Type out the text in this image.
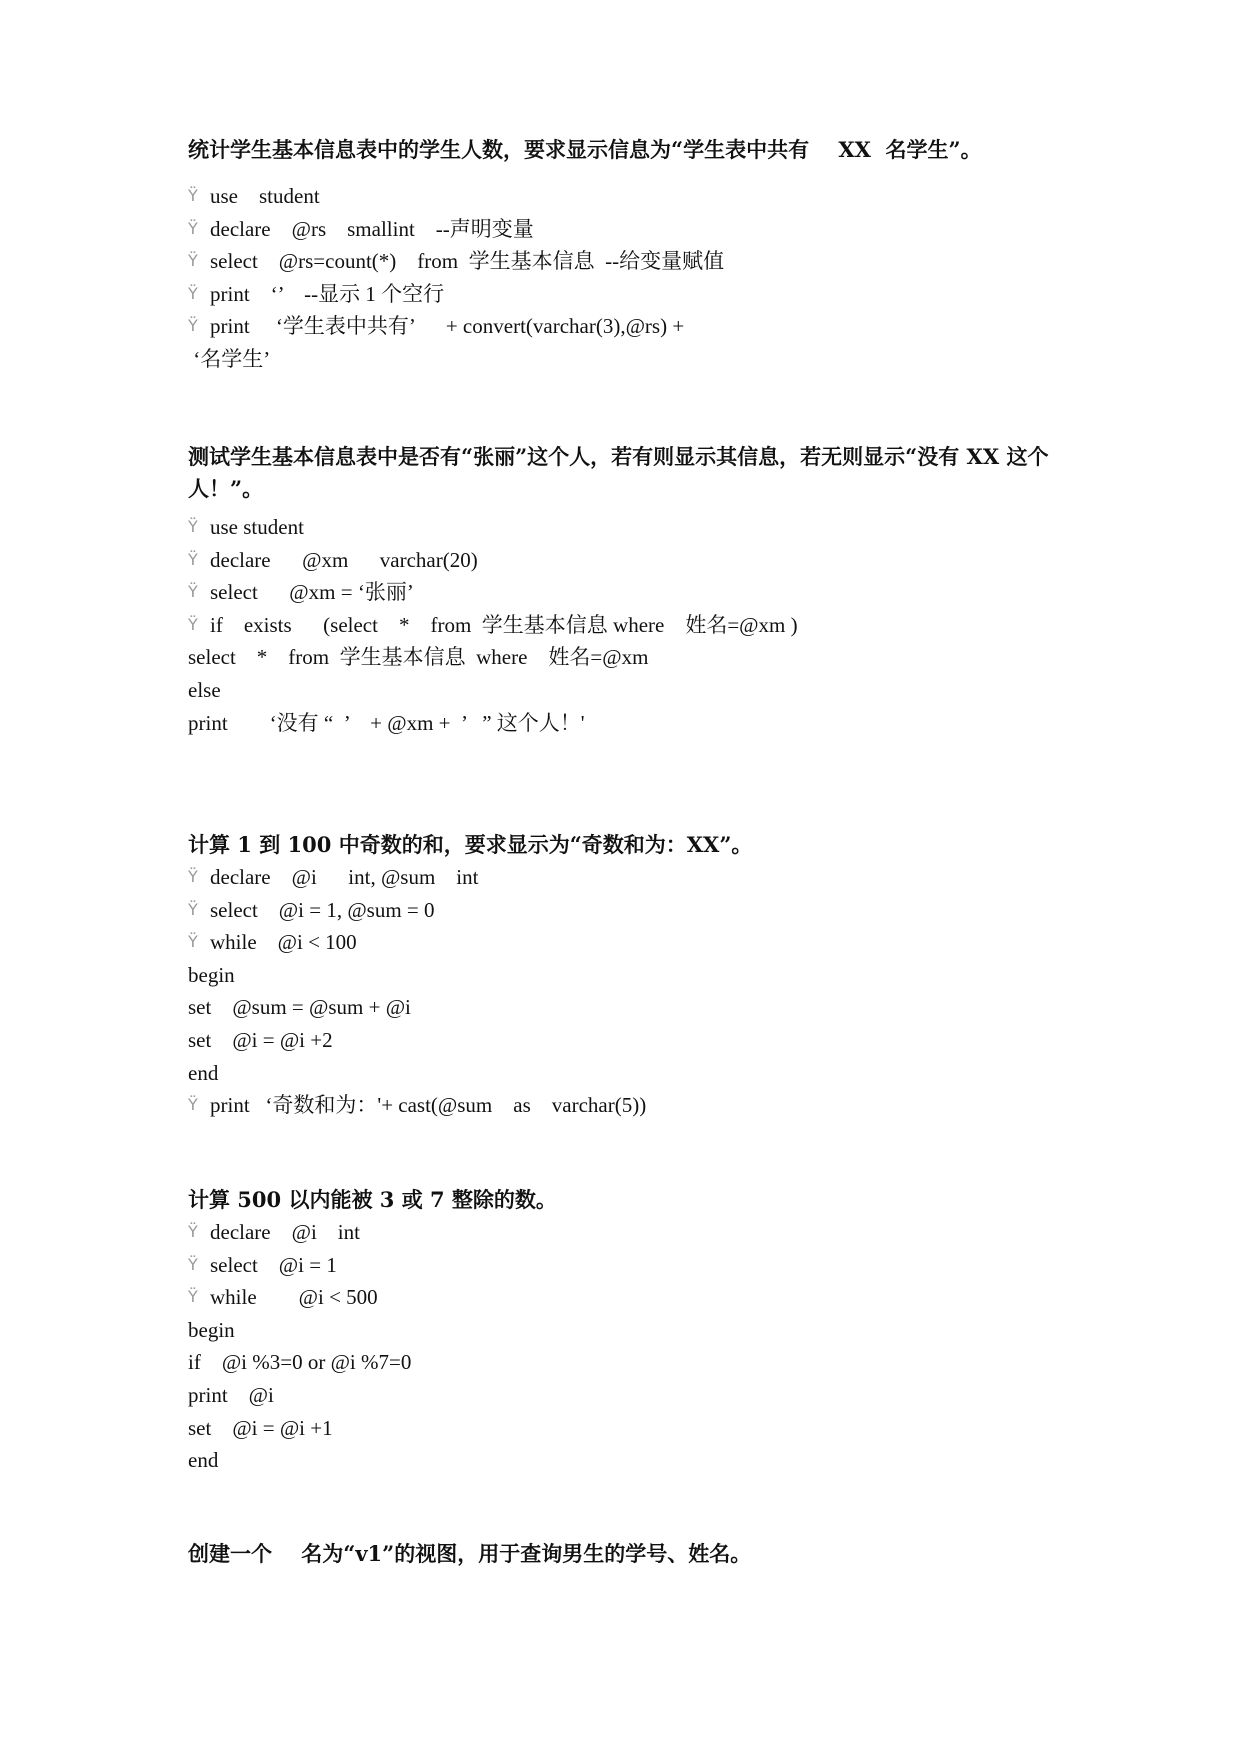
统计学生基本信息表中的学生人数，要求显示信息为“学生表中共有    XX  名学生”。

Ÿ use    student
Ÿ declare    @rs    smallint    --声明变量
Ÿ select    @rs=count(*)    from  学生基本信息  --给变量赋值
Ÿ print    ‘’    --显示 1 个空行
Ÿ print     ‘学生表中共有’      + convert(varchar(3),@rs) +
‘名学生’

测试学生基本信息表中是否有“张丽”这个人，若有则显示其信息，若无则显示“没有 XX 这个人！”。

Ÿ use student
Ÿ declare      @xm      varchar(20)
Ÿ select      @xm = ‘张丽’
Ÿ if    exists      (select    *    from  学生基本信息 where    姓名=@xm )
select    *    from  学生基本信息  where    姓名=@xm
else
print        ‘没有 “  ’    + @xm +  ’   ” 这个人！'

计算 1 到 100 中奇数的和，要求显示为“奇数和为：XX”。

Ÿ declare    @i      int, @sum    int
Ÿ select    @i = 1, @sum = 0
Ÿ while    @i < 100
begin
set    @sum = @sum + @i
set    @i = @i +2
end
Ÿ print   ‘奇数和为：'+ cast(@sum    as    varchar(5))

计算 500 以内能被 3 或 7 整除的数。

Ÿ declare    @i    int
Ÿ select    @i = 1
Ÿ while        @i < 500
begin
if    @i %3=0 or @i %7=0
print    @i
set    @i = @i +1
end

创建一个    名为“v1”的视图，用于查询男生的学号、姓名。
